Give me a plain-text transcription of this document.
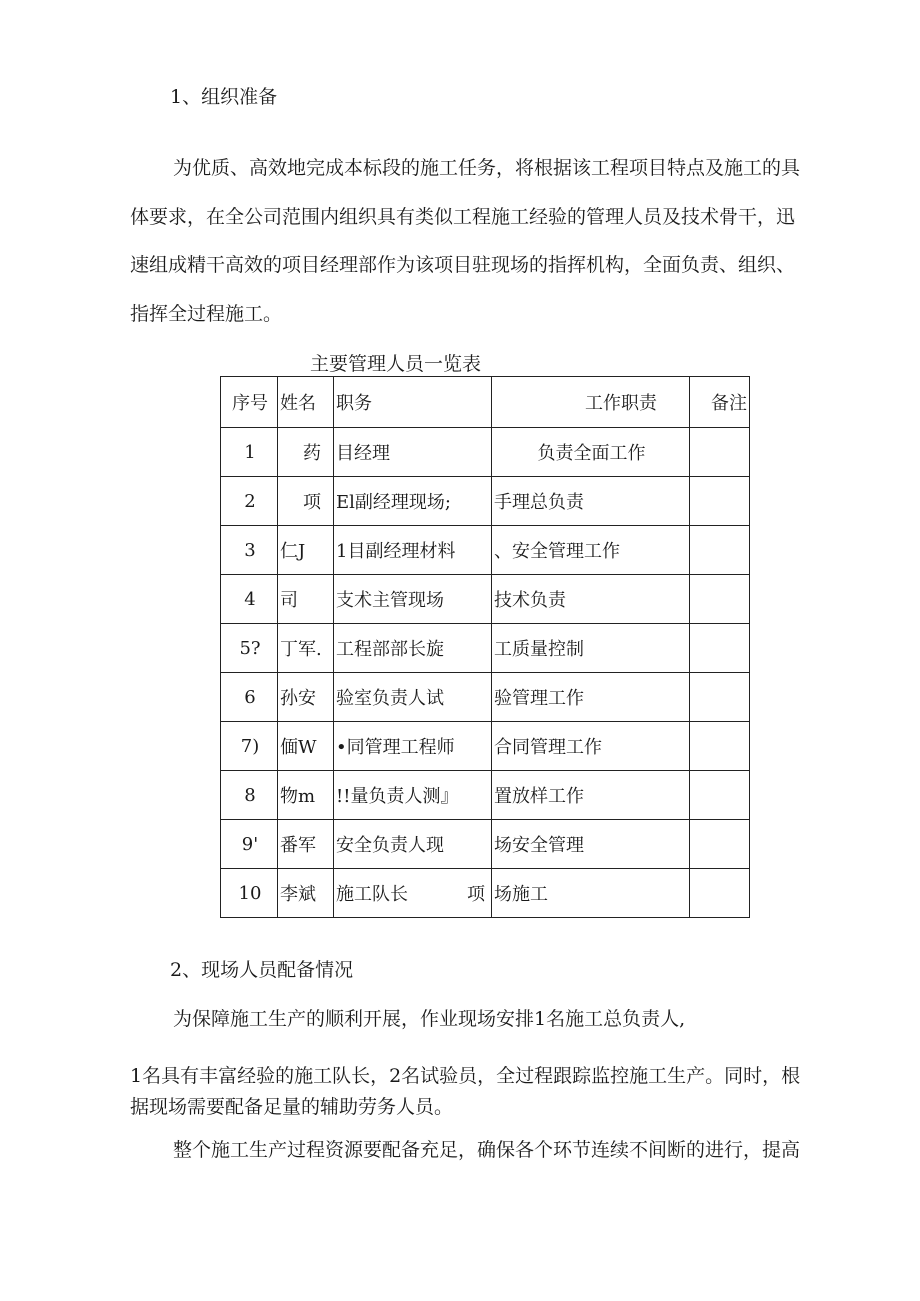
1、组织准备
为优质、高效地完成本标段的施工任务，将根据该工程项目特点及施工的具
体要求，在全公司范围内组织具有类似工程施工经验的管理人员及技术骨干，迅
速组成精干高效的项目经理部作为该项目驻现场的指挥机构，全面负责、组织、
指挥全过程施工。
主要管理人员一览表
序号	姓名	职务	工作职责	备注
1	药	目经理	负责全面工作	
2	项	El副经理现场;	手理总负责	
3	仁J	1目副经理材料	、安全管理工作	
4	司	支术主管现场	技术负责	
5?	丁军.	工程部部长旋	工质量控制	
6	孙安	验室负责人试	验管理工作	
7)	偭W	•同管理工程师	合同管理工作	
8	物m	!!量负责人测』	置放样工作	
9'	番军	安全负责人现	场安全管理	
10	李斌	施工队长 项	场施工	
2、现场人员配备情况
为保障施工生产的顺利开展，作业现场安排1名施工总负责人,
1名具有丰富经验的施工队长，2名试验员，全过程跟踪监控施工生产。同时，根
据现场需要配备足量的辅助劳务人员。
整个施工生产过程资源要配备充足，确保各个环节连续不间断的进行，提高
